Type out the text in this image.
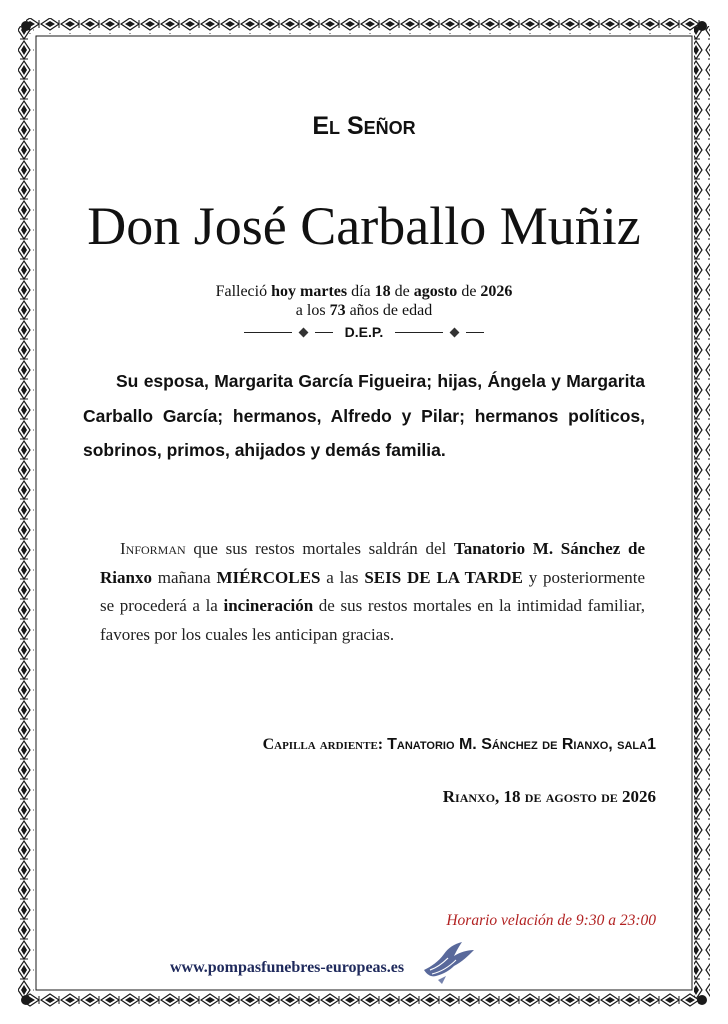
El Señor
Don José Carballo Muñiz
Falleció hoy martes día 18 de agosto de 2026
a los 73 años de edad
D.E.P.
Su esposa, Margarita García Figueira; hijas, Ángela y Margarita Carballo García; hermanos, Alfredo y Pilar; hermanos políticos, sobrinos, primos, ahijados y demás familia.
Informan que sus restos mortales saldrán del Tanatorio M. Sánchez de Rianxo mañana MIÉRCOLES a las SEIS DE LA TARDE y posteriormente se procederá a la incineración de sus restos mortales en la intimidad familiar, favores por los cuales les anticipan gracias.
Capilla ardiente: Tanatorio M. Sánchez de Rianxo, sala1
Rianxo, 18 de agosto de 2026
Horario velación de 9:30 a 23:00
www.pompasfunebres-europeas.es
